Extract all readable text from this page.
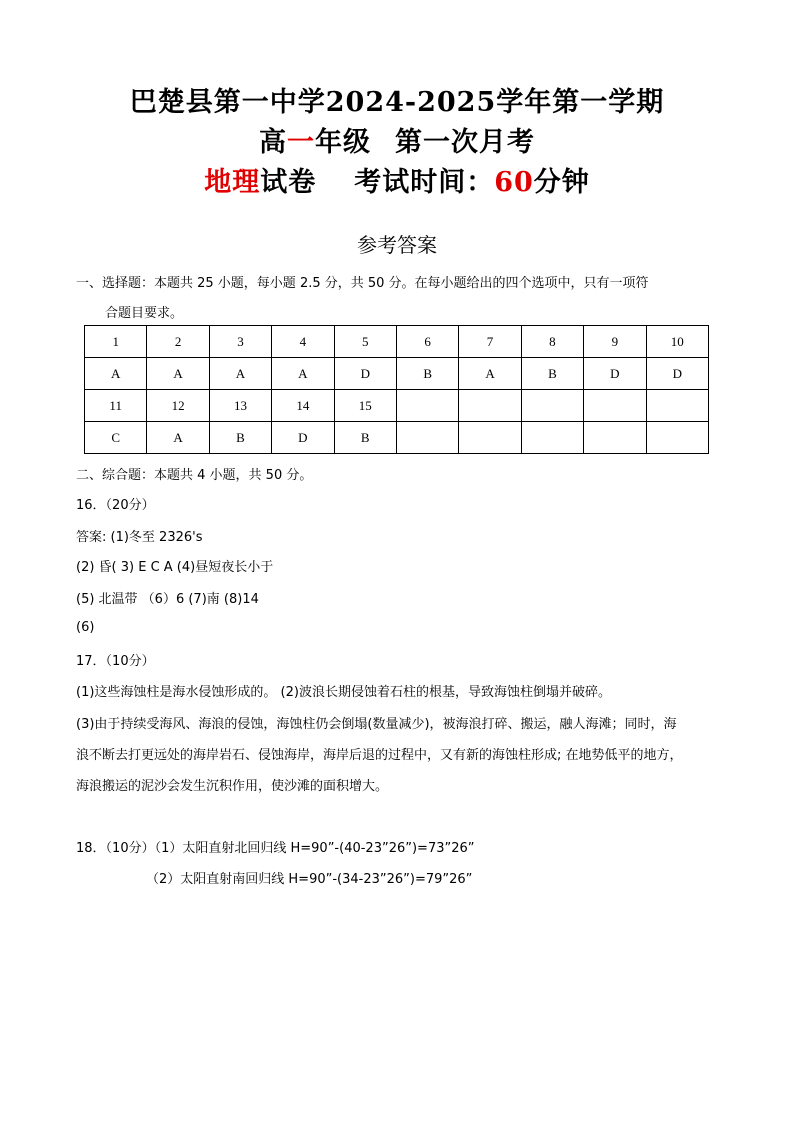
巴楚县第一中学2024-2025学年第一学期
高一年级 第一次月考
地理试卷 考试时间：60分钟
参考答案
一、选择题：本题共 25 小题，每小题 2.5 分，共 50 分。在每小题给出的四个选项中，只有一项符
合题目要求。
1	2	3	4	5	6	7	8	9	10
A	A	A	A	D	B	A	B	D	D
11	12	13	14	15					
C	A	B	D	B					
二、综合题：本题共 4 小题，共 50 分。
16．（20分）
答案: (1)冬至 2326's
(2) 昏( 3) E C A (4)昼短夜长小于
(5) 北温带 （6）6 (7)南 (8)14
(6)
17．（10分）
(1)这些海蚀柱是海水侵蚀形成的。 (2)波浪长期侵蚀着石柱的根基，导致海蚀柱倒塌并破碎。
(3)由于持续受海风、海浪的侵蚀，海蚀柱仍会倒塌(数量减少)，被海浪打碎、搬运，融人海滩；同时，海
浪不断去打更远处的海岸岩石、侵蚀海岸，海岸后退的过程中，又有新的海蚀柱形成; 在地势低平的地方，
海浪搬运的泥沙会发生沉积作用，使沙滩的面积增大。
18．（10分）（1）太阳直射北回归线 H=90”-(40-23”26”)=73”26”
（2）太阳直射南回归线 H=90”-(34-23”26”)=79”26”
